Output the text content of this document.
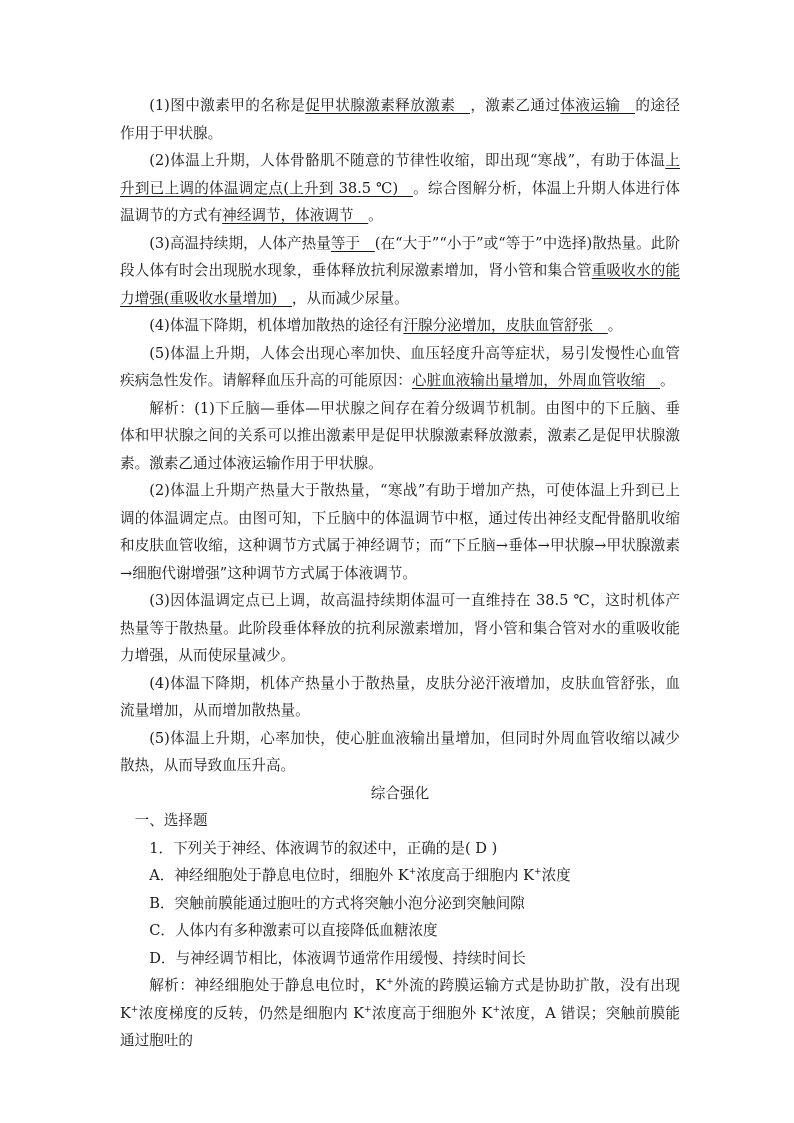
(1)图中激素甲的名称是促甲状腺激素释放激素__，激素乙通过体液运输__的途径作用于甲状腺。

(2)体温上升期，人体骨骼肌不随意的节律性收缩，即出现“寒战”，有助于体温上升到已上调的体温调定点(上升到 38.5 ℃)__。综合图解分析，体温上升期人体进行体温调节的方式有神经调节，体液调节__。

(3)高温持续期，人体产热量等于__(在“大于”“小于”或“等于”中选择)散热量。此阶段人体有时会出现脱水现象，垂体释放抗利尿激素增加，肾小管和集合管重吸收水的能力增强(重吸收水量增加)__，从而减少尿量。

(4)体温下降期，机体增加散热的途径有汗腺分泌增加，皮肤血管舒张__。

(5)体温上升期，人体会出现心率加快、血压轻度升高等症状，易引发慢性心血管疾病急性发作。请解释血压升高的可能原因：心脏血液输出量增加，外周血管收缩__。

解析：(1)下丘脑—垂体—甲状腺之间存在着分级调节机制。由图中的下丘脑、垂体和甲状腺之间的关系可以推出激素甲是促甲状腺激素释放激素，激素乙是促甲状腺激素。激素乙通过体液运输作用于甲状腺。

(2)体温上升期产热量大于散热量，“寒战”有助于增加产热，可使体温上升到已上调的体温调定点。由图可知，下丘脑中的体温调节中枢，通过传出神经支配骨骼肌收缩和皮肤血管收缩，这种调节方式属于神经调节；而“下丘脑→垂体→甲状腺→甲状腺激素→细胞代谢增强”这种调节方式属于体液调节。

(3)因体温调定点已上调，故高温持续期体温可一直维持在 38.5 ℃，这时机体产热量等于散热量。此阶段垂体释放的抗利尿激素增加，肾小管和集合管对水的重吸收能力增强，从而使尿量减少。

(4)体温下降期，机体产热量小于散热量，皮肤分泌汗液增加，皮肤血管舒张，血流量增加，从而增加散热量。

(5)体温上升期，心率加快，使心脏血液输出量增加，但同时外周血管收缩以减少散热，从而导致血压升高。

综合强化

一、选择题

1．下列关于神经、体液调节的叙述中，正确的是( D )

A．神经细胞处于静息电位时，细胞外 K+浓度高于细胞内 K+浓度

B．突触前膜能通过胞吐的方式将突触小泡分泌到突触间隙

C．人体内有多种激素可以直接降低血糖浓度

D．与神经调节相比，体液调节通常作用缓慢、持续时间长

解析：神经细胞处于静息电位时，K+外流的跨膜运输方式是协助扩散，没有出现 K+浓度梯度的反转，仍然是细胞内 K+浓度高于细胞外 K+浓度，A 错误；突触前膜能通过胞吐的
